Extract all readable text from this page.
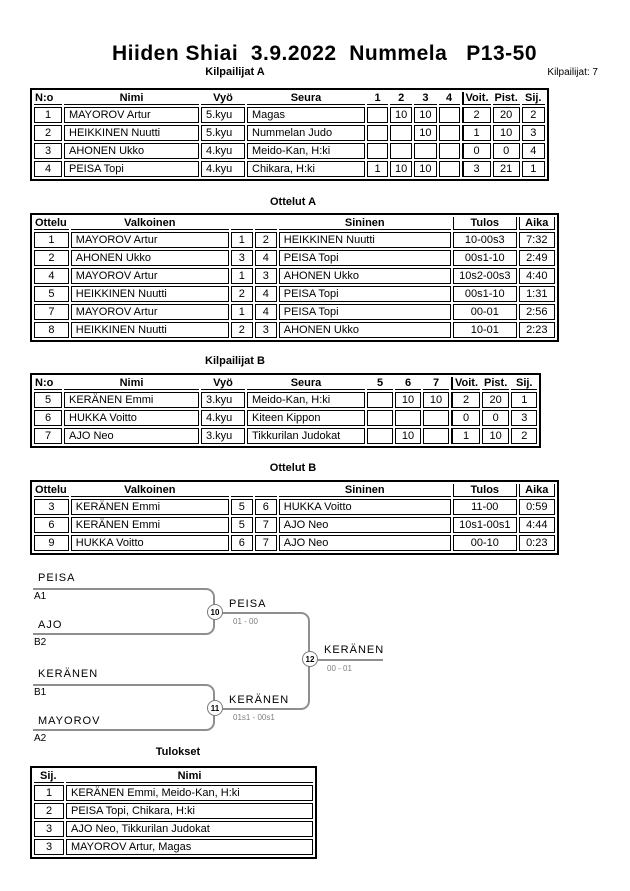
Hiiden Shiai  3.9.2022  Nummela   P13-50
Kilpailijat: 7
Kilpailijat A
N:o	Nimi	Vyö	Seura	1	2	3	4	Voit.	Pist.	Sij.
1	MAYOROV Artur	5.kyu	Magas		10	10		2	20	2
2	HEIKKINEN Nuutti	5.kyu	Nummelan Judo			10		1	10	3
3	AHONEN Ukko	4.kyu	Meido-Kan, H:ki					0	0	4
4	PEISA Topi	4.kyu	Chikara, H:ki	1	10	10		3	21	1
Ottelut A
Ottelu	Valkoinen			Sininen	Tulos	Aika
1	MAYOROV Artur	1	2	HEIKKINEN Nuutti	10-00s3	7:32
2	AHONEN Ukko	3	4	PEISA Topi	00s1-10	2:49
4	MAYOROV Artur	1	3	AHONEN Ukko	10s2-00s3	4:40
5	HEIKKINEN Nuutti	2	4	PEISA Topi	00s1-10	1:31
7	MAYOROV Artur	1	4	PEISA Topi	00-01	2:56
8	HEIKKINEN Nuutti	2	3	AHONEN Ukko	10-01	2:23
Kilpailijat B
N:o	Nimi	Vyö	Seura	5	6	7	Voit.	Pist.	Sij.
5	KERÄNEN Emmi	3.kyu	Meido-Kan, H:ki		10	10	2	20	1
6	HUKKA Voitto	4.kyu	Kiteen Kippon				0	0	3
7	AJO Neo	3.kyu	Tikkurilan Judokat		10		1	10	2
Ottelut B
Ottelu	Valkoinen			Sininen	Tulos	Aika
3	KERÄNEN Emmi	5	6	HUKKA Voitto	11-00	0:59
6	KERÄNEN Emmi	5	7	AJO Neo	10s1-00s1	4:44
9	HUKKA Voitto	6	7	AJO Neo	00-10	0:23
10
11
12
PEISA
A1
AJO
B2
KERÄNEN
B1
MAYOROV
A2
PEISA
01 - 00
KERÄNEN
01s1 - 00s1
KERÄNEN
00 - 01
Tulokset
Sij.	Nimi
1	KERÄNEN Emmi, Meido-Kan, H:ki
2	PEISA Topi, Chikara, H:ki
3	AJO Neo, Tikkurilan Judokat
3	MAYOROV Artur, Magas
